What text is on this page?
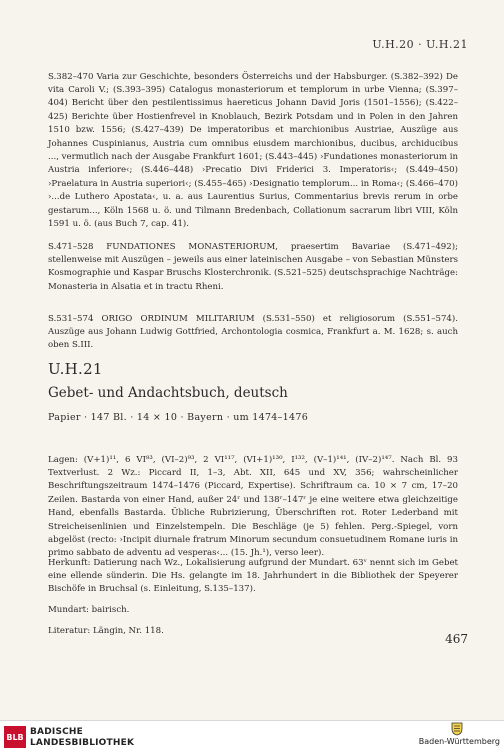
U.H.20 · U.H.21

S.382–470 Varia zur Geschichte, besonders Österreichs und der Habsburger. (S.382–392) De vita Caroli V.; (S.393–395) Catalogus monasteriorum et templorum in urbe Vienna; (S.397–404) Bericht über den pestilentissimus haereticus Johann David Joris (1501–1556); (S.422–425) Berichte über Hostienfrevel in Knoblauch, Bezirk Potsdam und in Polen in den Jahren 1510 bzw. 1556; (S.427–439) De imperatoribus et marchionibus Austriae, Auszüge aus Johannes Cuspinianus, Austria cum omnibus eiusdem marchionibus, ducibus, archiducibus ..., vermutlich nach der Ausgabe Frankfurt 1601; (S.443–445) ›Fundationes monasteriorum in Austria inferiore‹; (S.446–448) ›Precatio Divi Friderici 3. Imperatoris‹; (S.449–450) ›Praelatura in Austria superiori‹; (S.455–465) ›Designatio templorum... in Roma‹; (S.466–470) ›...de Luthero Apostata‹, u. a. aus Laurentius Surius, Commentarius brevis rerum in orbe gestarum..., Köln 1568 u. ö. und Tilmann Bredenbach, Collationum sacrarum libri VIII, Köln 1591 u. ö. (aus Buch 7, cap. 41).

S.471–528 FUNDATIONES MONASTERIORUM, praesertim Bavariae (S.471–492); stellenweise mit Auszügen – jeweils aus einer lateinischen Ausgabe – von Sebastian Münsters Kosmographie und Kaspar Bruschs Klosterchronik. (S.521–525) deutschsprachige Nachträge: Monasteria in Alsatia et in tractu Rheni.

S.531–574 ORIGO ORDINUM MILITARIUM (S.531–550) et religiosorum (S.551–574). Auszüge aus Johann Ludwig Gottfried, Archontologia cosmica, Frankfurt a. M. 1628; s. auch oben S.III.

U.H.21
Gebet- und Andachtsbuch, deutsch
Papier · 147 Bl. · 14 × 10 · Bayern · um 1474–1476

Lagen: (V+1)¹¹, 6 VI⁸³, (VI–2)⁹³, 2 VI¹¹⁷, (VI+1)¹³⁰, I¹³², (V–1)¹⁴¹, (IV–2)¹⁴⁷. Nach Bl. 93 Textverlust. 2 Wz.: Piccard II, 1–3, Abt. XII, 645 und XV, 356; wahrscheinlicher Beschriftungszeitraum 1474–1476 (Piccard, Expertise). Schriftraum ca. 10 × 7 cm, 17–20 Zeilen. Bastarda von einer Hand, außer 24ʳ und 138ʳ–147ʳ je eine weitere etwa gleichzeitige Hand, ebenfalls Bastarda. Übliche Rubrizierung, Überschriften rot. Roter Lederband mit Streicheisenlinien und Einzelstempeln. Die Beschläge (je 5) fehlen. Perg.-Spiegel, vorn abgelöst (recto: ›Incipit diurnale fratrum Minorum secundum consuetudinem Romane iuris in primo sabbato de adventu ad vesperas‹... (15. Jh.¹), verso leer).

Herkunft: Datierung nach Wz., Lokalisierung aufgrund der Mundart. 63ᵛ nennt sich im Gebet eine ellende sünderin. Die Hs. gelangte im 18. Jahrhundert in die Bibliothek der Speyerer Bischöfe in Bruchsal (s. Einleitung, S.135–137).

Mundart: bairisch.

Literatur: Längin, Nr. 118.

467
BLB BADISCHE
LANDESBIBLIOTHEK	Baden-Württemberg
